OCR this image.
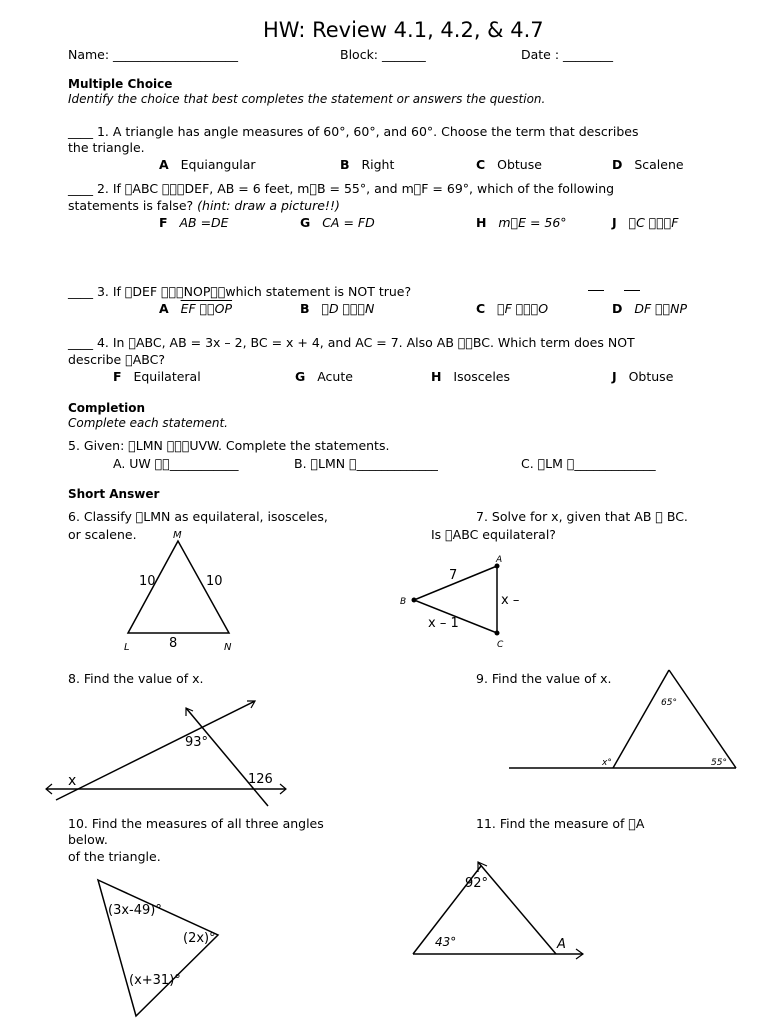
HW: Review 4.1, 4.2, & 4.7
Name: ____________________	Block: _______	Date : ________
Multiple Choice
Identify the choice that best completes the statement or answers the question.
____ 1. A triangle has angle measures of 60°, 60°, and 60°. Choose the term that describes
the triangle.
A Equiangular	B Right	C Obtuse	D Scalene
____ 2. If  ABC    DEF, AB = 6 feet, m B = 55°, and m F = 69°, which of the following
statements is false? (hint: draw a picture!!)
F AB =DE	G CA = FD	H m E = 56°	J  C    F
____ 3. If  DEF    NOP  which statement is NOT true?
A EF   OP	B  D    N	C  F    O	D DF   NP
____ 4. In  ABC, AB = 3x – 2, BC = x + 4, and AC = 7. Also AB   BC. Which term does NOT
describe  ABC?
F Equilateral	G Acute	H Isosceles	J Obtuse
Completion
Complete each statement.
5. Given:  LMN    UVW. Complete the statements.
A. UW   ___________	B.  LMN  _____________	C.  LM  _____________
Short Answer
6. Classify  LMN as equilateral, isosceles,
or scalene.
7. Solve for x, given that AB   BC.
Is  ABC equilateral?
8. Find the value of x.	9. Find the value of x.
10. Find the measures of all three angles
below.
of the triangle.
11. Find the measure of  A
M
L	N
10	10
8
A
B
C
7
x – 1
x –
93°
x	126
65°
x°	55°
(3x-49)°
(2x)°
(x+31)°
92°
43°	A
